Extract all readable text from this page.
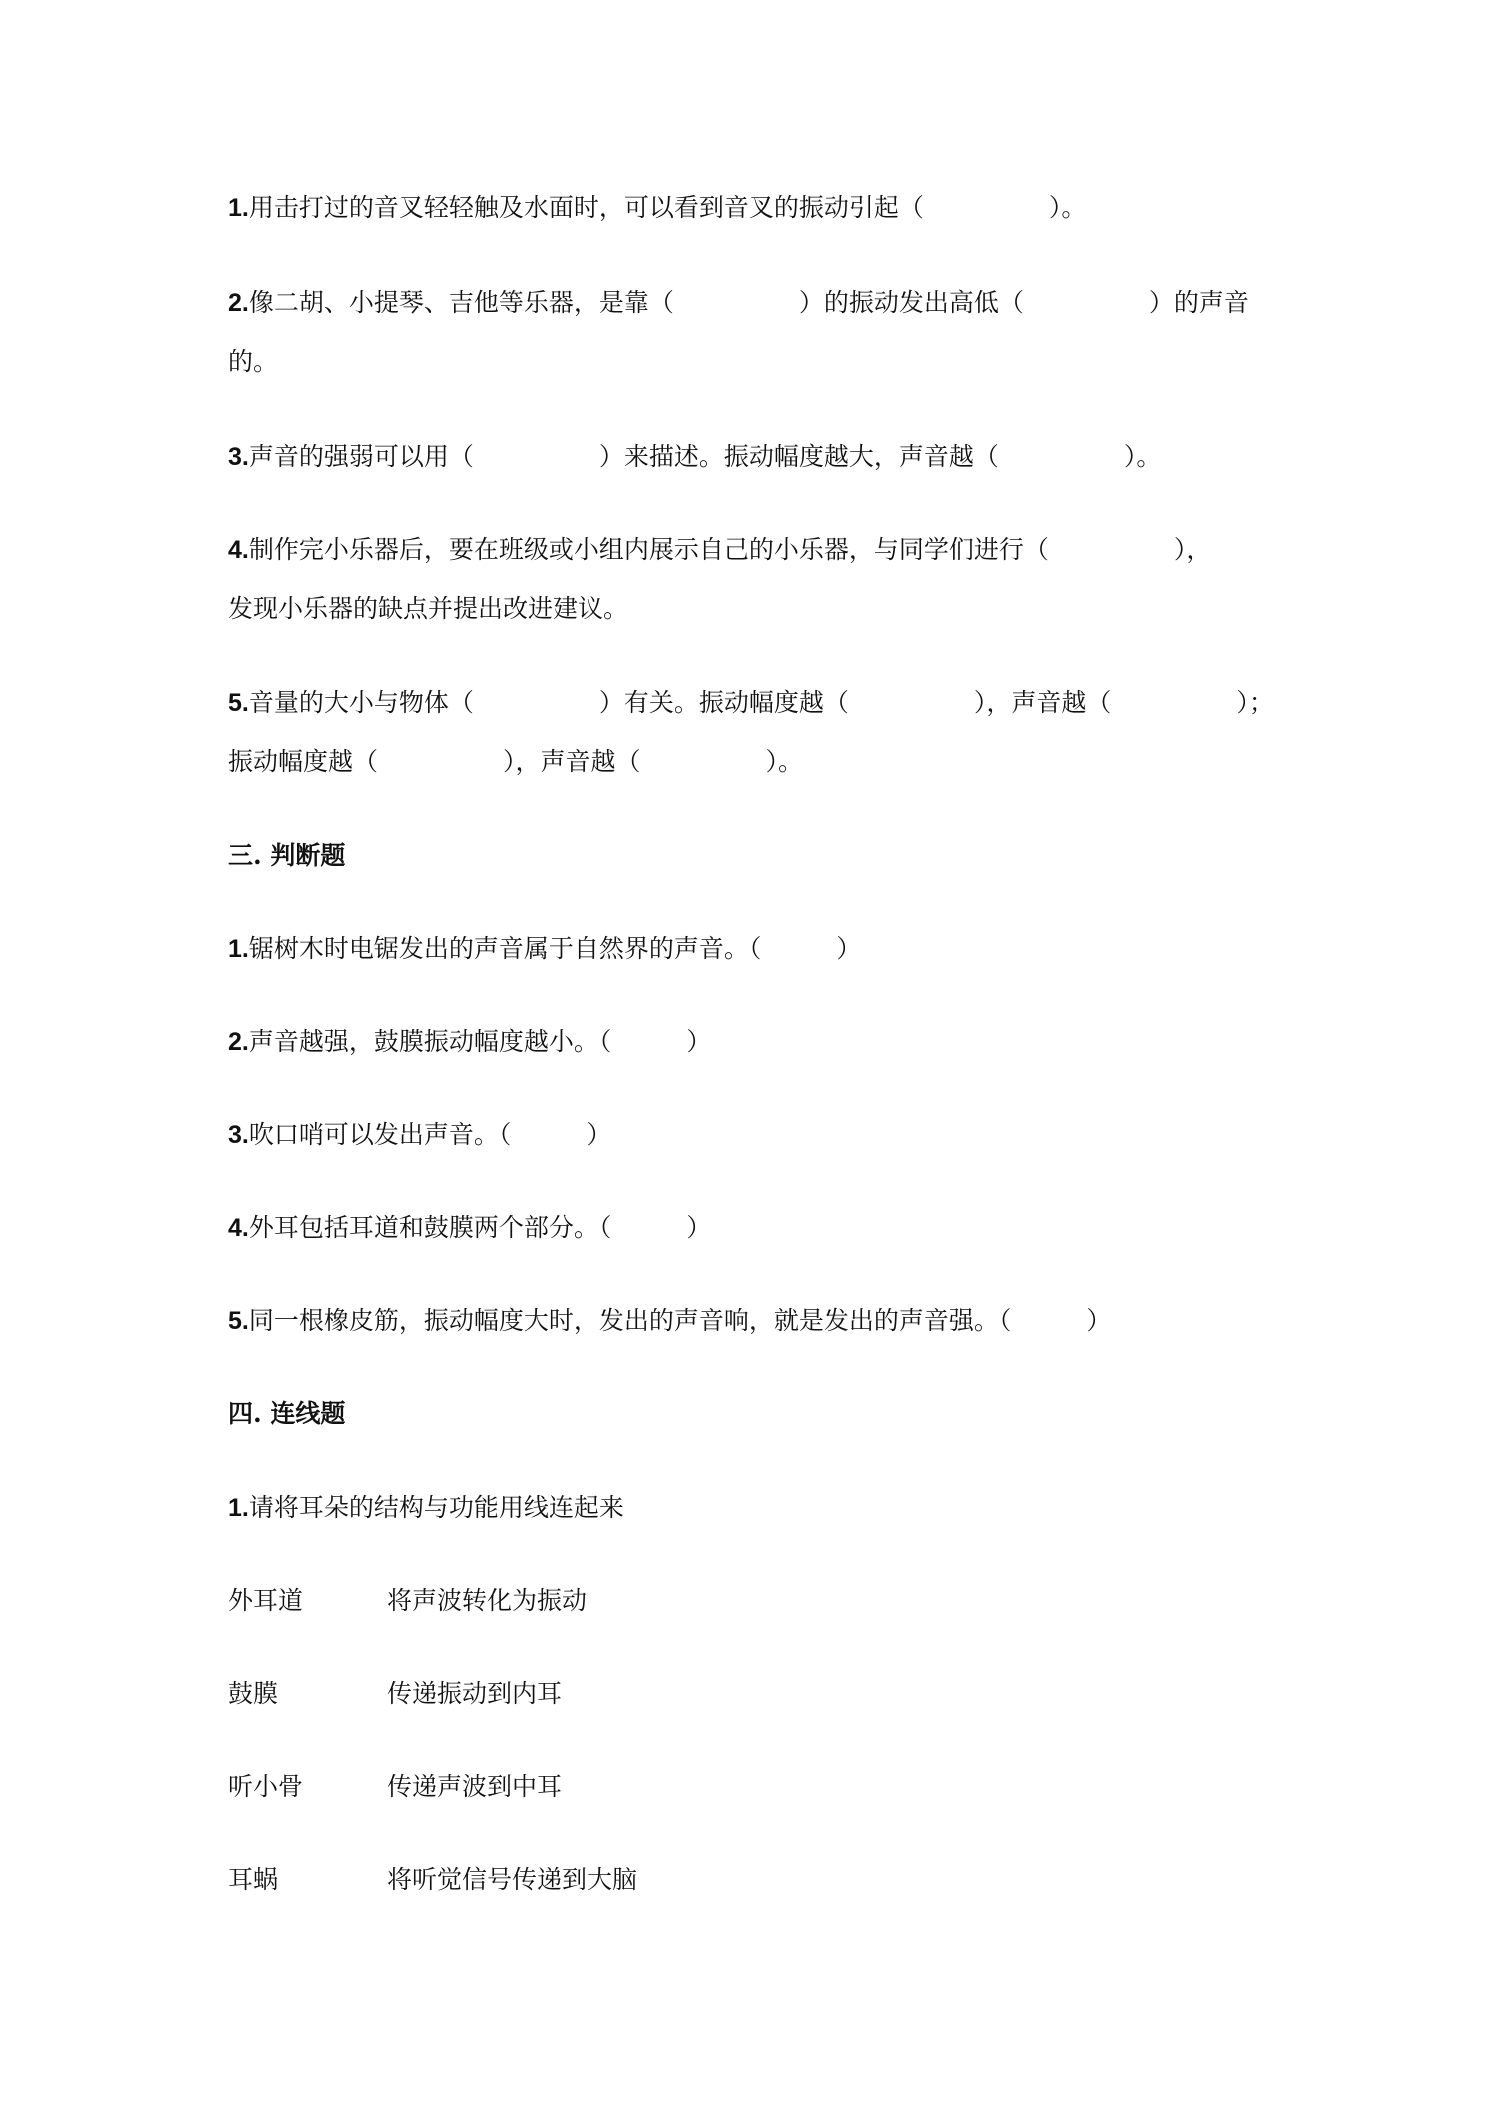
1.用击打过的音叉轻轻触及水面时，可以看到音叉的振动引起（　　　　　）。
2.像二胡、小提琴、吉他等乐器，是靠（　　　　　）的振动发出高低（　　　　　）的声音
的。
3.声音的强弱可以用（　　　　　）来描述。振动幅度越大，声音越（　　　　　）。
4.制作完小乐器后，要在班级或小组内展示自己的小乐器，与同学们进行（　　　　　），
发现小乐器的缺点并提出改进建议。
5.音量的大小与物体（　　　　　）有关。振动幅度越（　　　　　），声音越（　　　　　）；
振动幅度越（　　　　　），声音越（　　　　　）。
三. 判断题
1.锯树木时电锯发出的声音属于自然界的声音。（　　　）
2.声音越强，鼓膜振动幅度越小。（　　　）
3.吹口哨可以发出声音。（　　　）
4.外耳包括耳道和鼓膜两个部分。（　　　）
5.同一根橡皮筋，振动幅度大时，发出的声音响，就是发出的声音强。（　　　）
四. 连线题
1.请将耳朵的结构与功能用线连起来
外耳道	将声波转化为振动
鼓膜	传递振动到内耳
听小骨	传递声波到中耳
耳蜗	将听觉信号传递到大脑
